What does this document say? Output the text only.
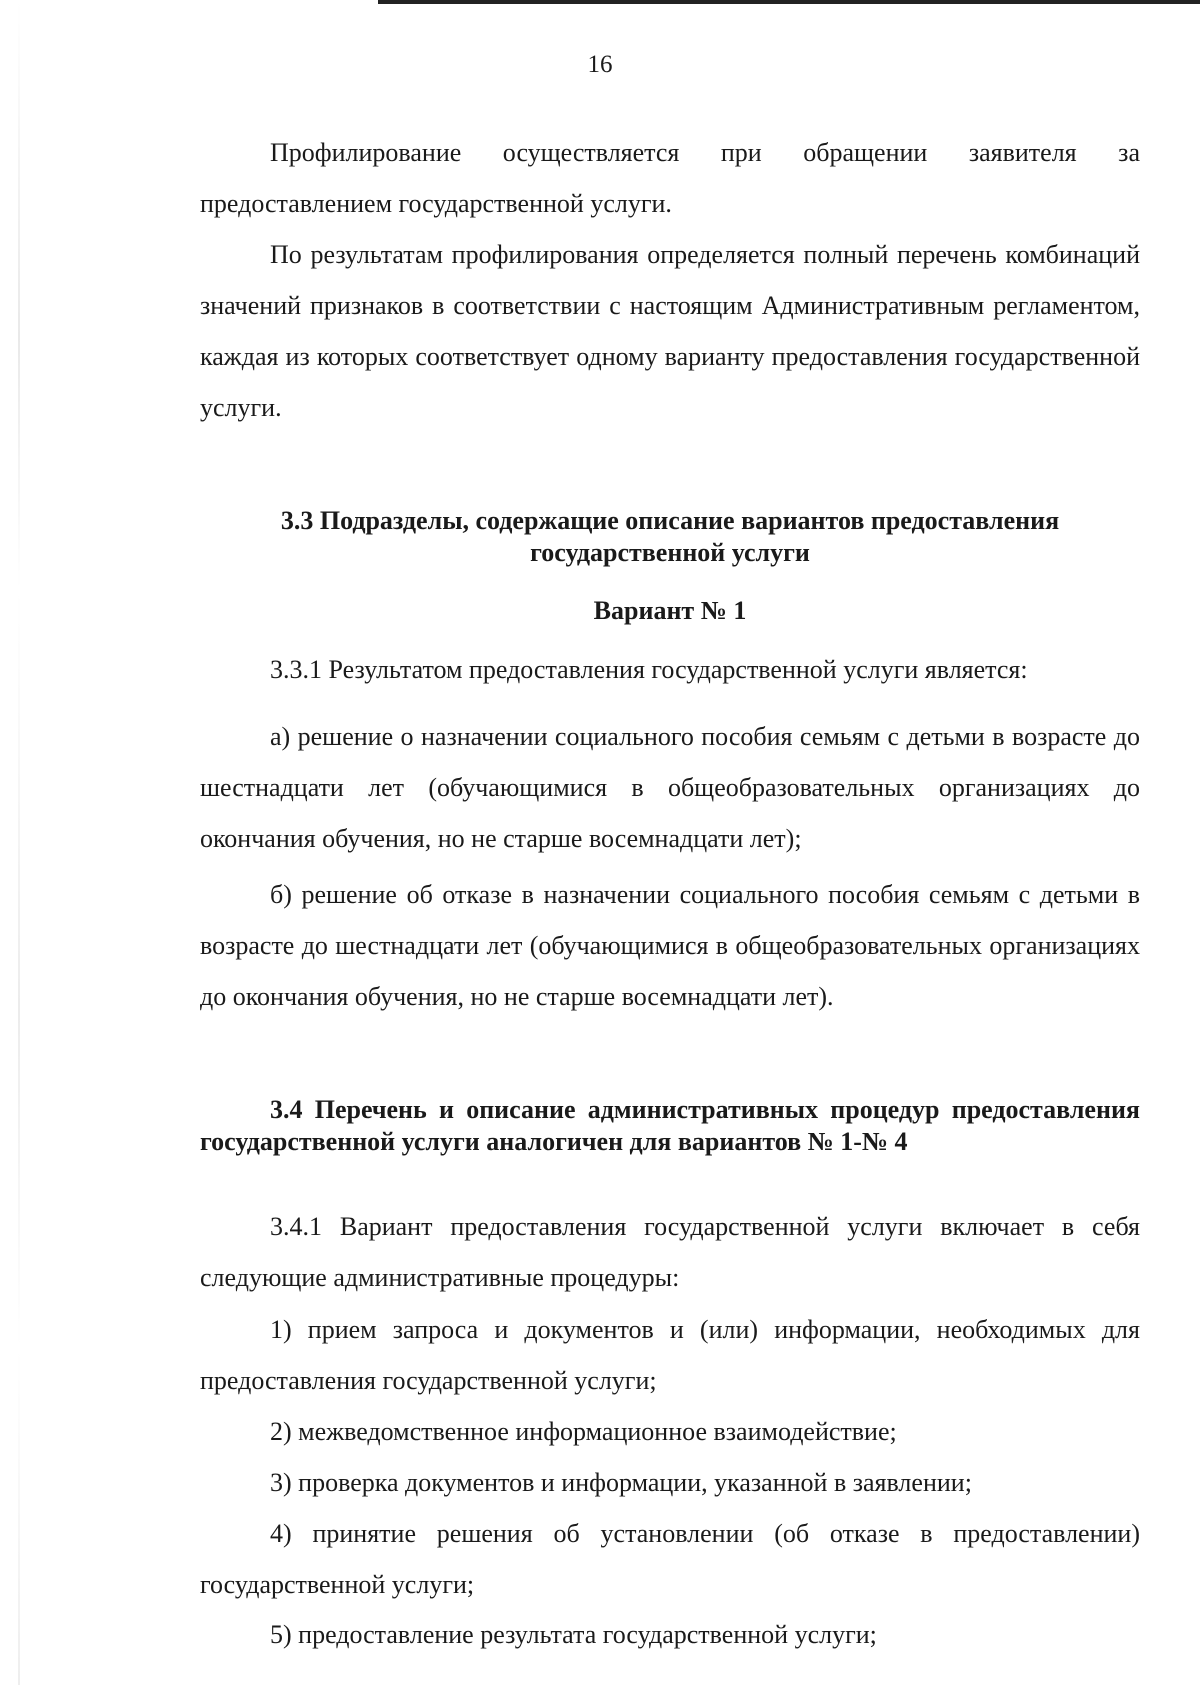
16

Профилирование осуществляется при обращении заявителя за предоставлением государственной услуги.

По результатам профилирования определяется полный перечень комбинаций значений признаков в соответствии с настоящим Административным регламентом, каждая из которых соответствует одному варианту предоставления государственной услуги.

3.3 Подразделы, содержащие описание вариантов предоставления государственной услуги
Вариант № 1

3.3.1 Результатом предоставления государственной услуги является:

а) решение о назначении социального пособия семьям с детьми в возрасте до шестнадцати лет (обучающимися в общеобразовательных организациях до окончания обучения, но не старше восемнадцати лет);

б) решение об отказе в назначении социального пособия семьям с детьми в возрасте до шестнадцати лет (обучающимися в общеобразовательных организациях до окончания обучения, но не старше восемнадцати лет).

3.4 Перечень и описание административных процедур предоставления государственной услуги аналогичен для вариантов № 1-№ 4

3.4.1 Вариант предоставления государственной услуги включает в себя следующие административные процедуры:

1) прием запроса и документов и (или) информации, необходимых для предоставления государственной услуги;

2) межведомственное информационное взаимодействие;

3) проверка документов и информации, указанной в заявлении;

4) принятие решения об установлении (об отказе в предоставлении) государственной услуги;

5) предоставление результата государственной услуги;
